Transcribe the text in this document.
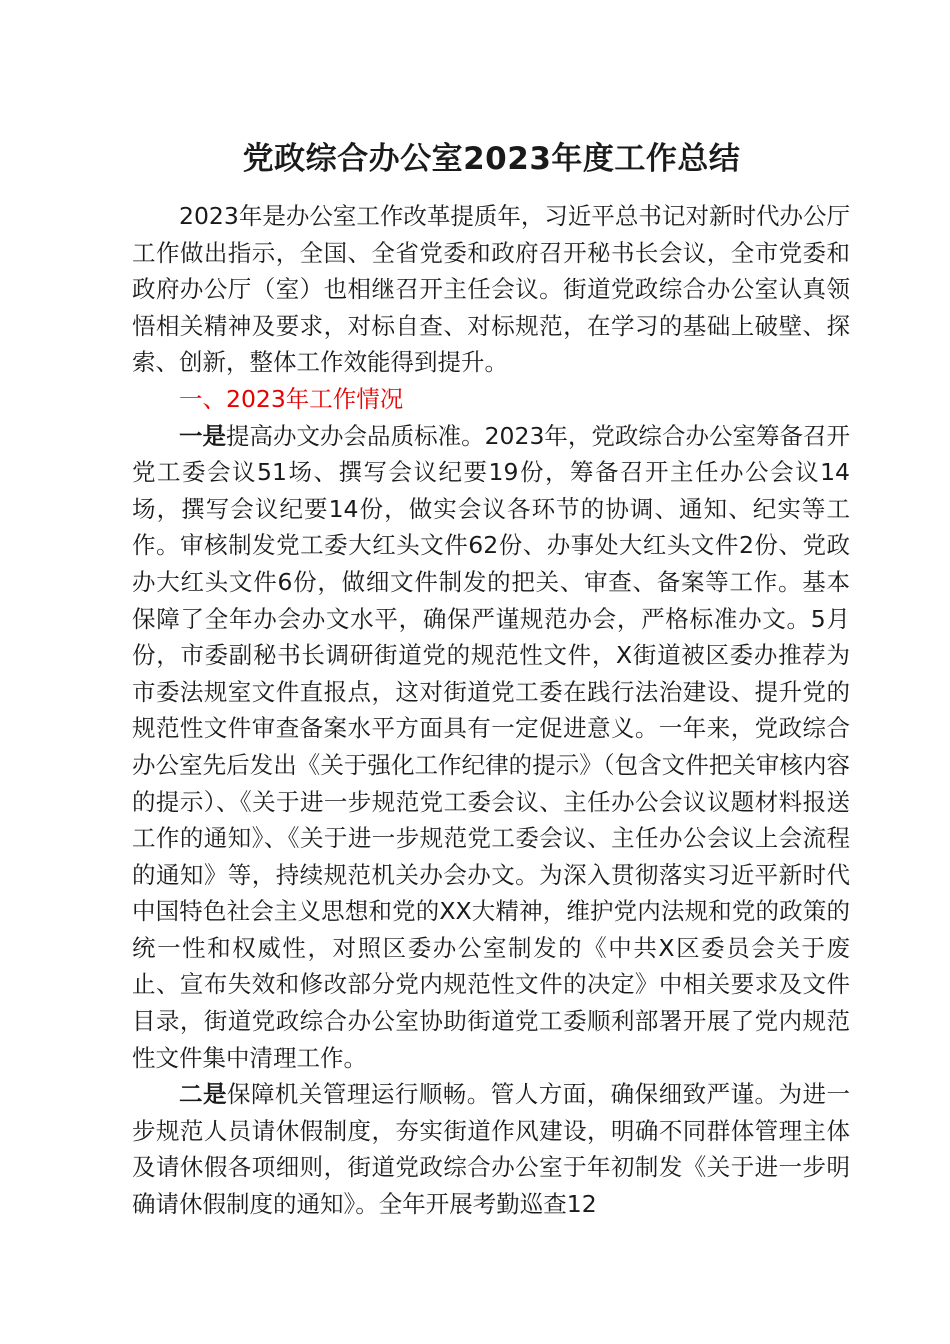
党政综合办公室2023年度工作总结

2023年是办公室工作改革提质年，习近平总书记对新时代办公厅工作做出指示，全国、全省党委和政府召开秘书长会议，全市党委和政府办公厅（室）也相继召开主任会议。街道党政综合办公室认真领悟相关精神及要求，对标自查、对标规范，在学习的基础上破壁、探索、创新，整体工作效能得到提升。

一、2023年工作情况

一是提高办文办会品质标准。2023年，党政综合办公室筹备召开党工委会议51场、撰写会议纪要19份，筹备召开主任办公会议14场，撰写会议纪要14份，做实会议各环节的协调、通知、纪实等工作。审核制发党工委大红头文件62份、办事处大红头文件2份、党政办大红头文件6份，做细文件制发的把关、审查、备案等工作。基本保障了全年办会办文水平，确保严谨规范办会，严格标准办文。5月份，市委副秘书长调研街道党的规范性文件，X街道被区委办推荐为市委法规室文件直报点，这对街道党工委在践行法治建设、提升党的规范性文件审查备案水平方面具有一定促进意义。一年来，党政综合办公室先后发出《关于强化工作纪律的提示》（包含文件把关审核内容的提示）、《关于进一步规范党工委会议、主任办公会议议题材料报送工作的通知》、《关于进一步规范党工委会议、主任办公会议上会流程的通知》等，持续规范机关办会办文。为深入贯彻落实习近平新时代中国特色社会主义思想和党的XX大精神，维护党内法规和党的政策的统一性和权威性，对照区委办公室制发的《中共X区委员会关于废止、宣布失效和修改部分党内规范性文件的决定》中相关要求及文件目录，街道党政综合办公室协助街道党工委顺利部署开展了党内规范性文件集中清理工作。

二是保障机关管理运行顺畅。管人方面，确保细致严谨。为进一步规范人员请休假制度，夯实街道作风建设，明确不同群体管理主体及请休假各项细则，街道党政综合办公室于年初制发《关于进一步明确请休假制度的通知》。全年开展考勤巡查12
